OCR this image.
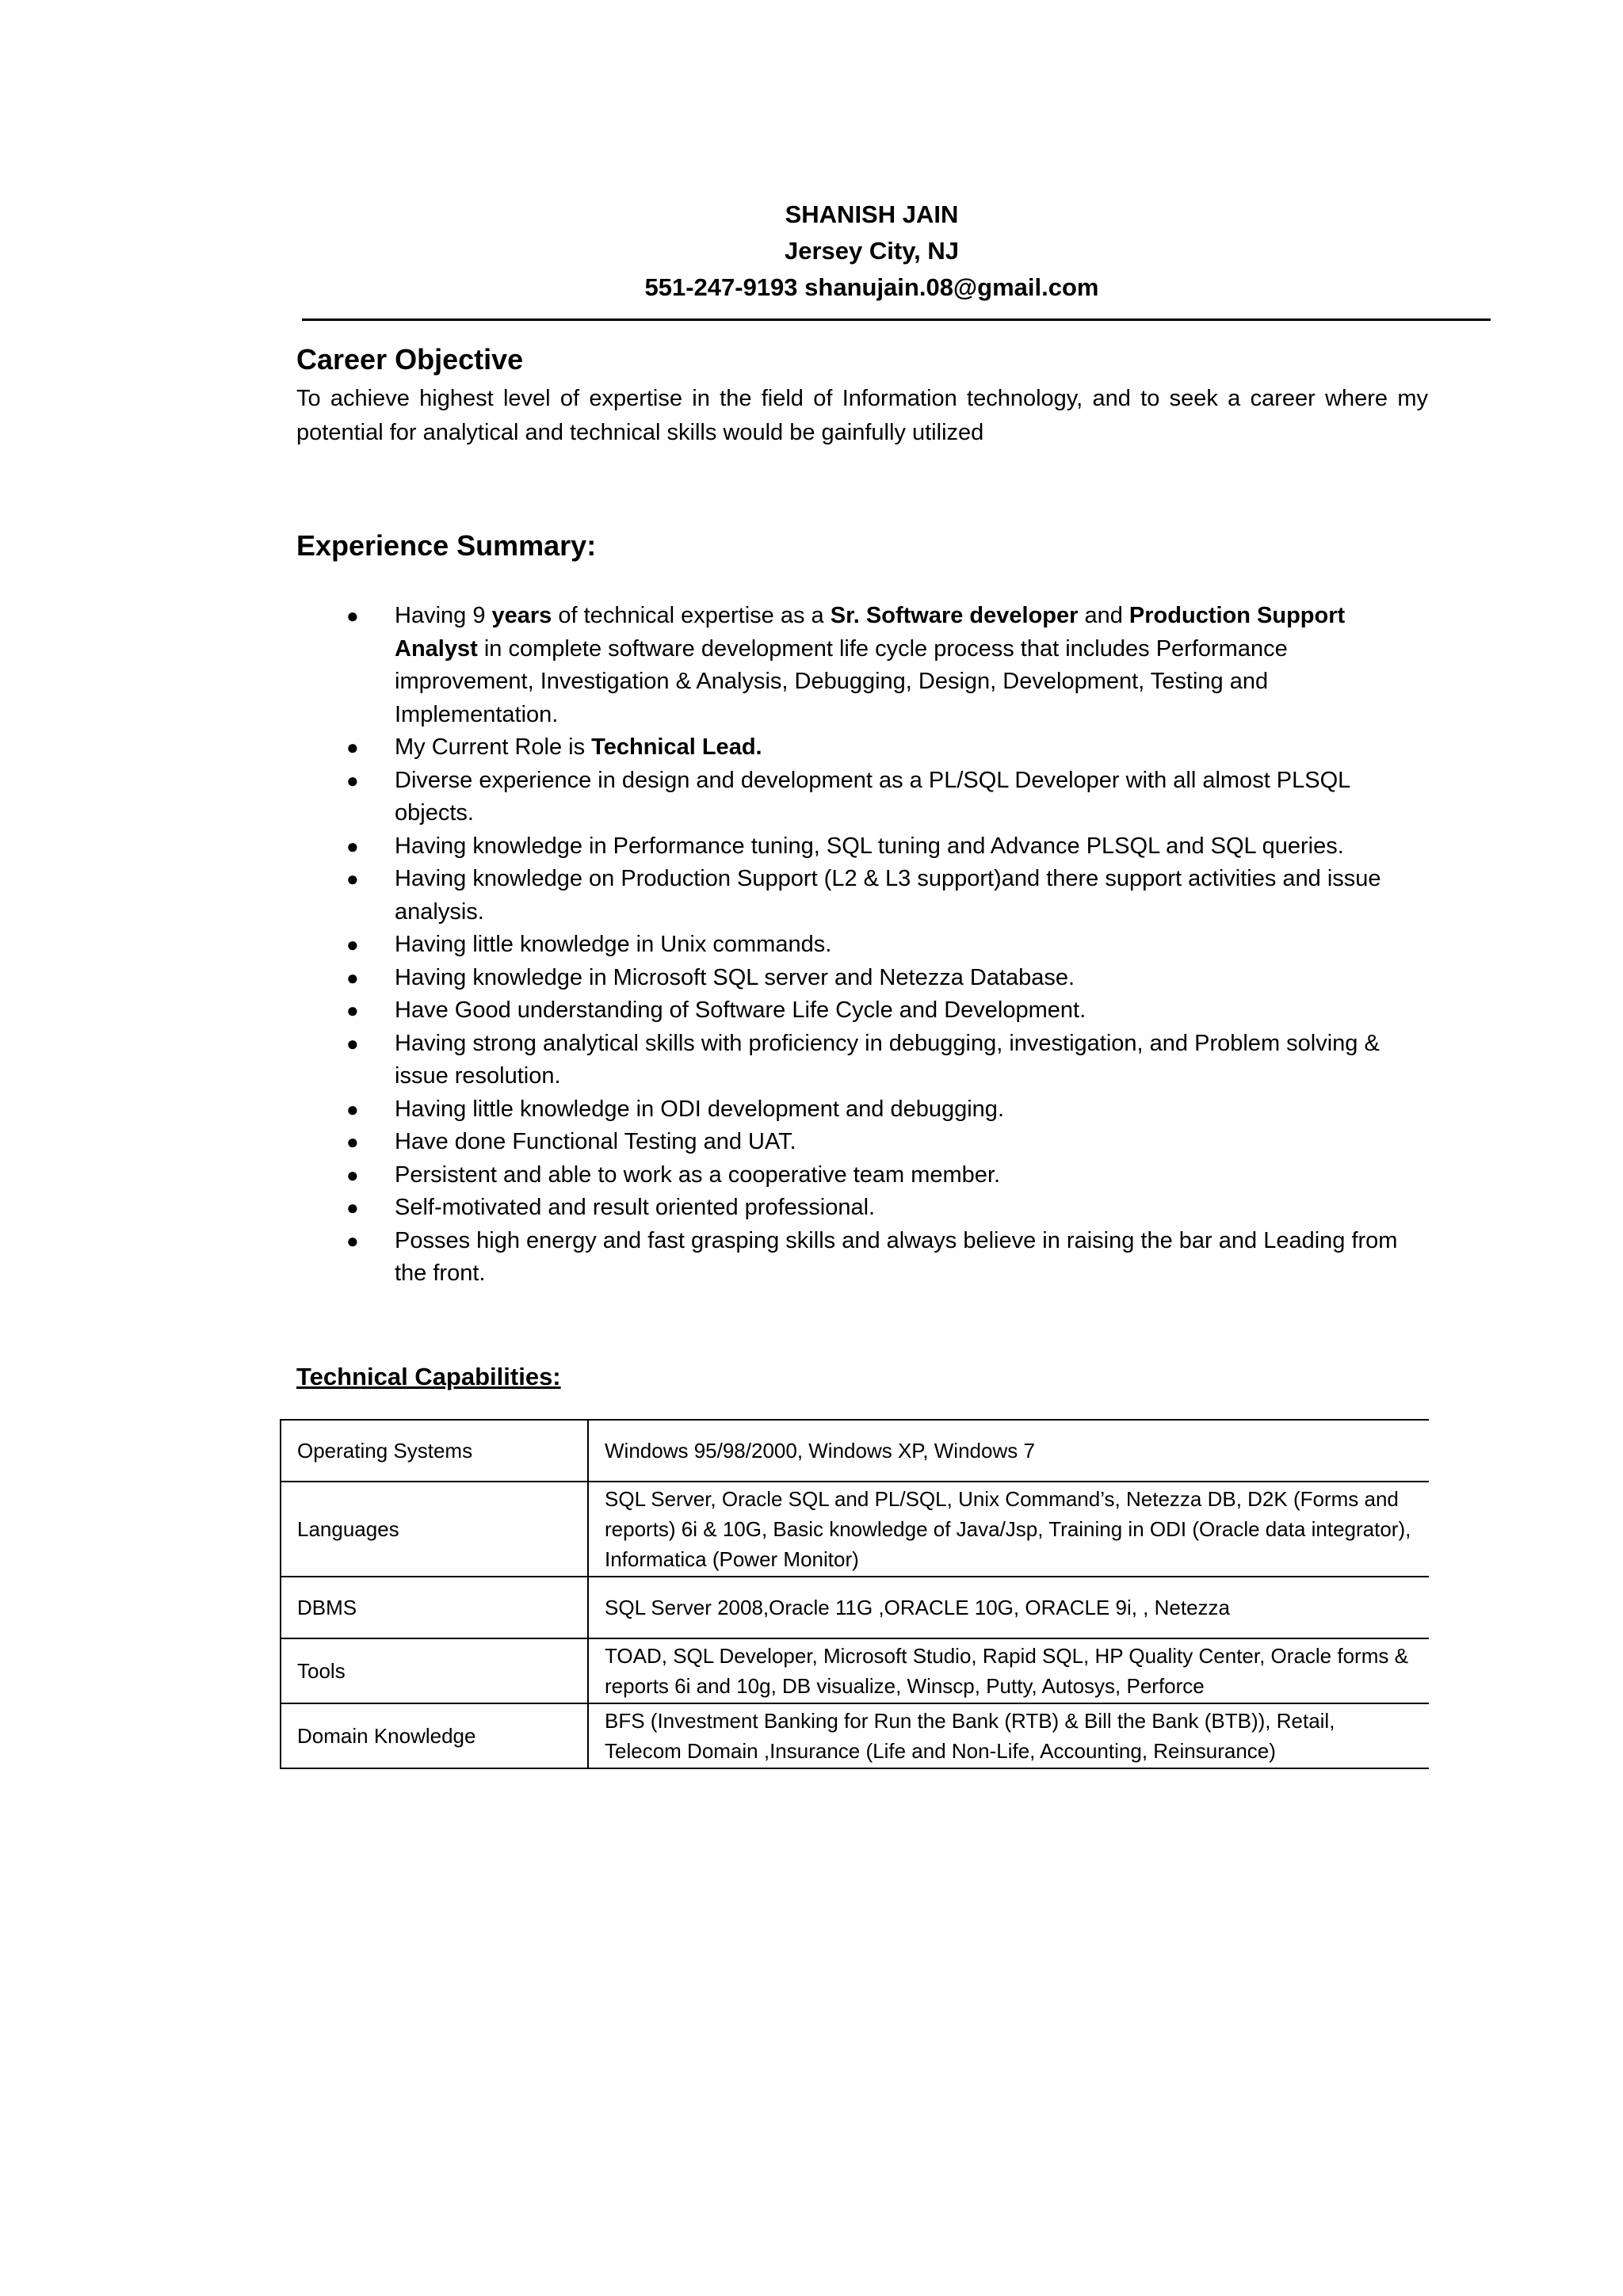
SHANISH JAIN
Jersey City, NJ
551-247-9193 shanujain.08@gmail.com
Career Objective
To achieve highest level of expertise in the field of Information technology, and to seek a career where my potential for analytical and technical skills would be gainfully utilized
Experience Summary:
● Having 9 years of technical expertise as a Sr. Software developer and Production Support Analyst in complete software development life cycle process that includes Performance improvement, Investigation & Analysis, Debugging, Design, Development, Testing and Implementation.
● My Current Role is Technical Lead.
● Diverse experience in design and development as a PL/SQL Developer with all almost PLSQL objects.
● Having knowledge in Performance tuning, SQL tuning and Advance PLSQL and SQL queries.
● Having knowledge on Production Support (L2 & L3 support)and there support activities and issue analysis.
● Having little knowledge in Unix commands.
● Having knowledge in Microsoft SQL server and Netezza Database.
● Have Good understanding of Software Life Cycle and Development.
● Having strong analytical skills with proficiency in debugging, investigation, and Problem solving & issue resolution.
● Having little knowledge in ODI development and debugging.
● Have done Functional Testing and UAT.
● Persistent and able to work as a cooperative team member.
● Self-motivated and result oriented professional.
● Posses high energy and fast grasping skills and always believe in raising the bar and Leading from the front.
Technical Capabilities:
Operating Systems	Windows 95/98/2000, Windows XP, Windows 7
Languages	SQL Server, Oracle SQL and PL/SQL, Unix Command’s, Netezza DB, D2K (Forms and reports) 6i & 10G, Basic knowledge of Java/Jsp, Training in ODI (Oracle data integrator), Informatica (Power Monitor)
DBMS	SQL Server 2008,Oracle 11G ,ORACLE 10G, ORACLE 9i, , Netezza
Tools	TOAD, SQL Developer, Microsoft Studio, Rapid SQL, HP Quality Center, Oracle forms & reports 6i and 10g, DB visualize, Winscp, Putty, Autosys, Perforce
Domain Knowledge	BFS (Investment Banking for Run the Bank (RTB) & Bill the Bank (BTB)), Retail, Telecom Domain ,Insurance (Life and Non-Life, Accounting, Reinsurance)
